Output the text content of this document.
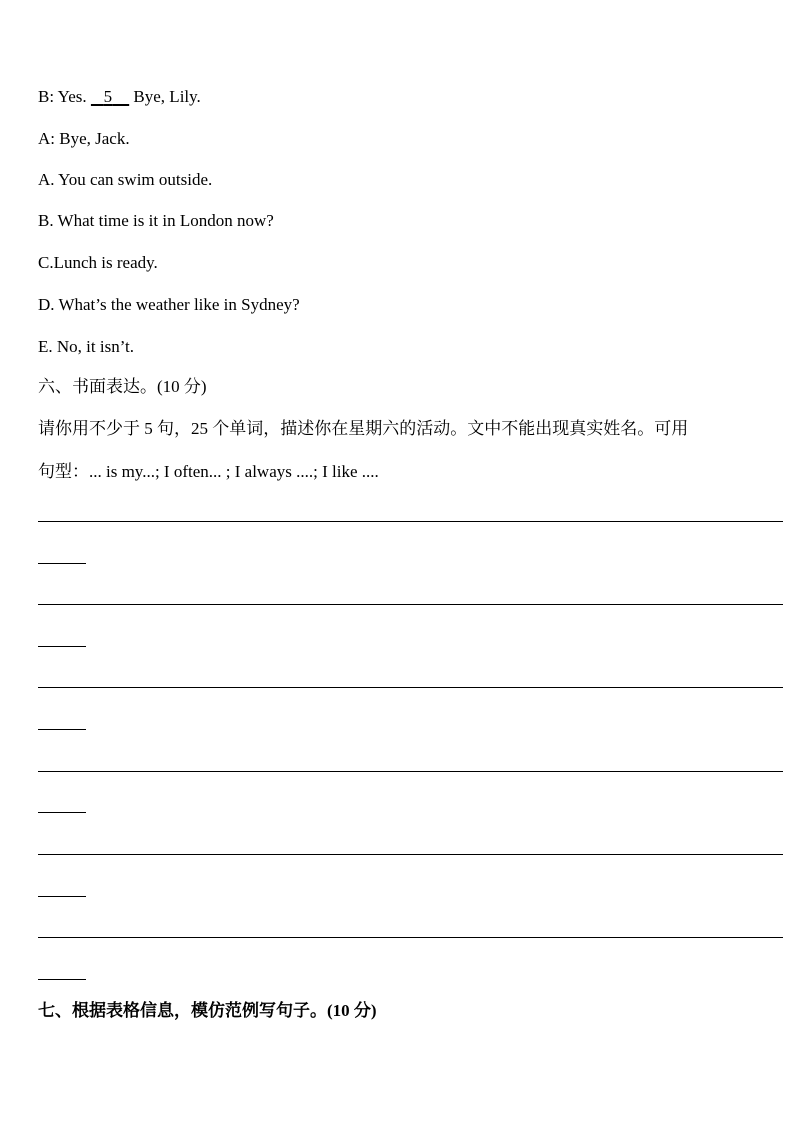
B: Yes.    5     Bye, Lily.
A: Bye, Jack.
A. You can swim outside.
B. What time is it in London now?
C.Lunch is ready.
D. What’s the weather like in Sydney?
E. No, it isn’t.
六、书面表达。(10 分)
请你用不少于 5 句，25 个单词，描述你在星期六的活动。文中不能出现真实姓名。可用
句型：... is my...; I often... ; I always ....; I like ....
七、根据表格信息，模仿范例写句子。(10 分)
